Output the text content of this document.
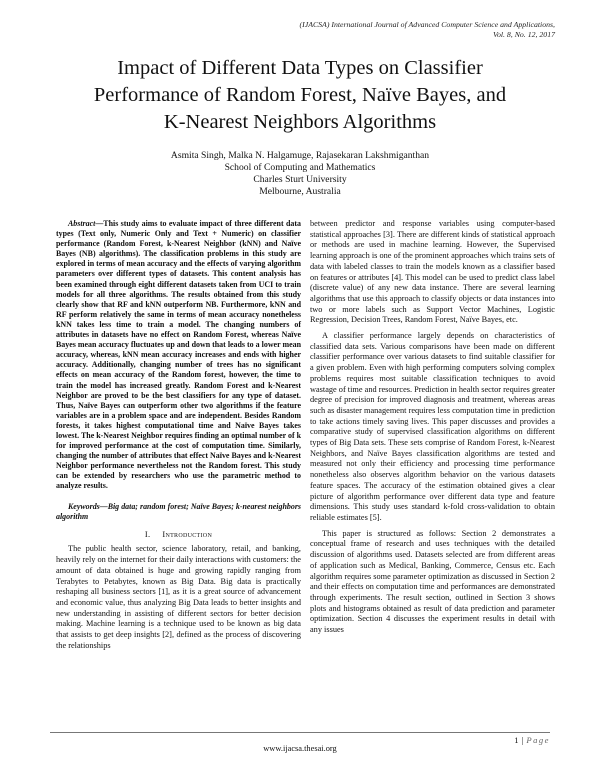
(IJACSA) International Journal of Advanced Computer Science and Applications,
Vol. 8, No. 12, 2017
Impact of Different Data Types on Classifier
Performance of Random Forest, Naïve Bayes, and
K-Nearest Neighbors Algorithms
Asmita Singh, Malka N. Halgamuge, Rajasekaran Lakshmiganthan
School of Computing and Mathematics
Charles Sturt University
Melbourne, Australia

Abstract—This study aims to evaluate impact of three different data types (Text only, Numeric Only and Text + Numeric) on classifier performance (Random Forest, k-Nearest Neighbor (kNN) and Naïve Bayes (NB) algorithms). The classification problems in this study are explored in terms of mean accuracy and the effects of varying algorithm parameters over different types of datasets. This content analysis has been examined through eight different datasets taken from UCI to train models for all three algorithms. The results obtained from this study clearly show that RF and kNN outperform NB. Furthermore, kNN and RF perform relatively the same in terms of mean accuracy nonetheless kNN takes less time to train a model. The changing numbers of attributes in datasets have no effect on Random Forest, whereas Naïve Bayes mean accuracy fluctuates up and down that leads to a lower mean accuracy, whereas, kNN mean accuracy increases and ends with higher accuracy. Additionally, changing number of trees has no significant effects on mean accuracy of the Random forest, however, the time to train the model has increased greatly. Random Forest and k-Nearest Neighbor are proved to be the best classifiers for any type of dataset. Thus, Naïve Bayes can outperform other two algorithms if the feature variables are in a problem space and are independent. Besides Random forests, it takes highest computational time and Naïve Bayes takes lowest. The k-Nearest Neighbor requires finding an optimal number of k for improved performance at the cost of computation time. Similarly, changing the number of attributes that effect Naïve Bayes and k-Nearest Neighbor performance nevertheless not the Random forest. This study can be extended by researchers who use the parametric method to analyze results.

Keywords—Big data; random forest; Naïve Bayes; k-nearest neighbors algorithm

I. Introduction

The public health sector, science laboratory, retail, and banking, heavily rely on the internet for their daily interactions with customers: the amount of data obtained is huge and growing rapidly ranging from Terabytes to Petabytes, known as Big Data. Big data is practically reshaping all business sectors [1], as it is a great source of advancement and economic value, thus analyzing Big Data leads to better insights and new understanding in assisting of different sectors for better decision making. Machine learning is a technique used to be known as big data that assists to get deep insights [2], defined as the process of discovering the relationships

between predictor and response variables using computer-based statistical approaches [3]. There are different kinds of statistical approach or methods are used in machine learning. However, the Supervised learning approach is one of the prominent approaches which trains sets of data with labeled classes to train the models known as a classifier based on features or attributes [4]. This model can be used to predict class label (discrete value) of any new data instance. There are several learning algorithms that use this approach to classify objects or data instances into two or more labels such as Support Vector Machines, Logistic Regression, Decision Trees, Random Forest, Naïve Bayes, etc.

A classifier performance largely depends on characteristics of classified data sets. Various comparisons have been made on different classifier performance over various datasets to find suitable classifier for a given problem. Even with high performing computers solving complex problems requires most suitable classification techniques to avoid wastage of time and resources. Prediction in health sector requires greater degree of precision for improved diagnosis and treatment, whereas areas such as disaster management requires less computation time in prediction to take actions timely saving lives. This paper discusses and provides a comparative study of supervised classification algorithms on different types of Big Data sets. These sets comprise of Random Forest, k-Nearest Neighbors, and Naïve Bayes classification algorithms are tested and measured not only their efficiency and processing time performance nonetheless also observes algorithm behavior on the various datasets feature spaces. The accuracy of the estimation obtained gives a clear picture of algorithm performance over different data type and feature dimensions. This study uses standard k-fold cross-validation to obtain reliable estimates [5].

This paper is structured as follows: Section 2 demonstrates a conceptual frame of research and uses techniques with the detailed discussion of algorithms used. Datasets selected are from different areas of application such as Medical, Banking, Commerce, Census etc. Each algorithm requires some parameter optimization as discussed in Section 2 and their effects on computation time and performances are demonstrated through experiments. The result section, outlined in Section 3 shows plots and histograms obtained as result of data prediction and parameter optimization. Section 4 discusses the experiment results in detail with any issues

1 | Page
www.ijacsa.thesai.org
